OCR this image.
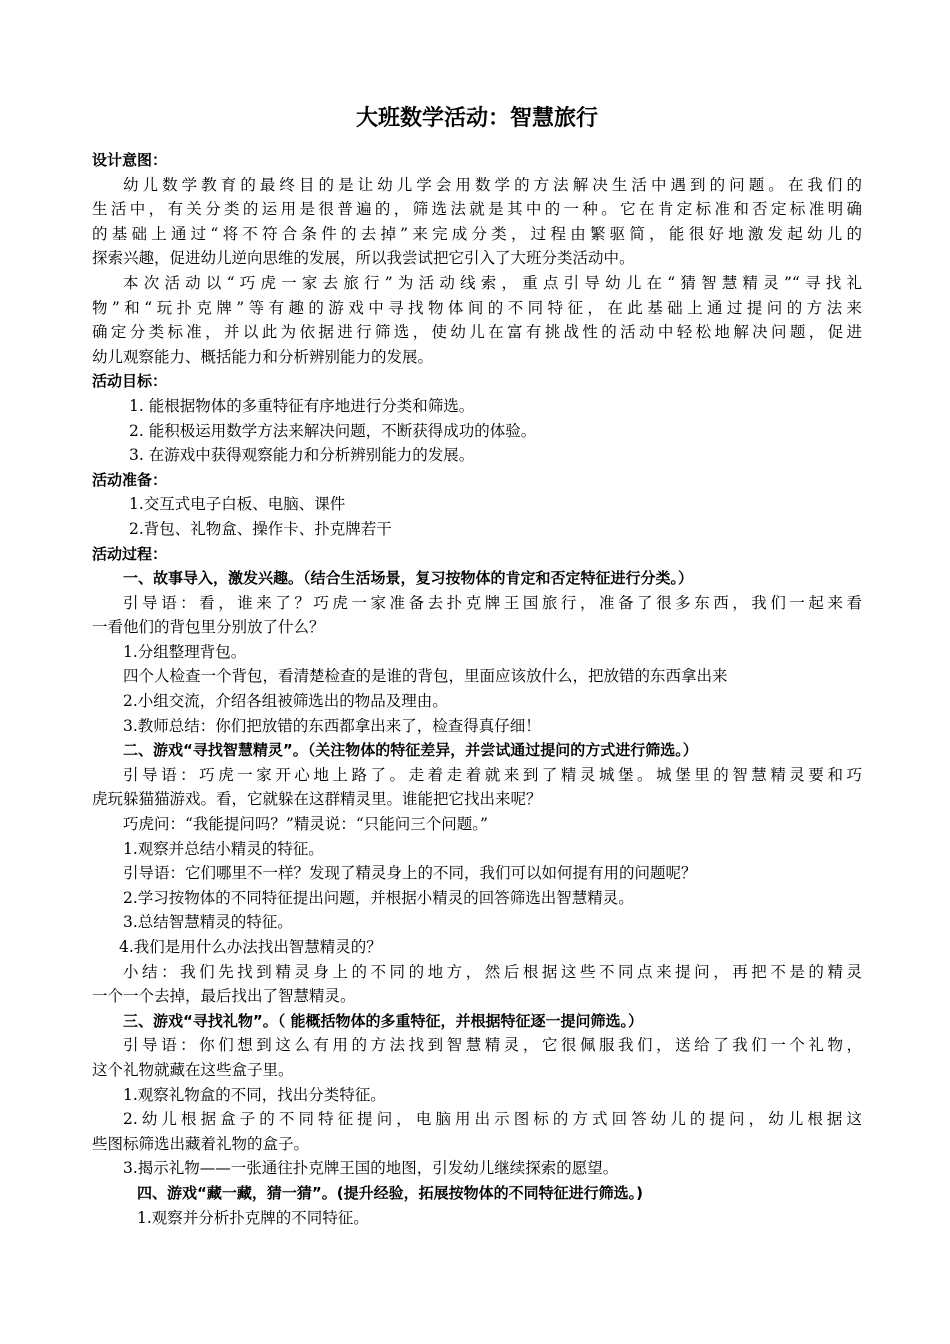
大班数学活动：智慧旅行

设计意图：

幼儿数学教育的最终目的是让幼儿学会用数学的方法解决生活中遇到的问题。在我们的

生活中，有关分类的运用是很普遍的，筛选法就是其中的一种。它在肯定标准和否定标准明确

的基础上通过“将不符合条件的去掉”来完成分类，过程由繁驱简，能很好地激发起幼儿的

探索兴趣，促进幼儿逆向思维的发展，所以我尝试把它引入了大班分类活动中。

本次活动以“巧虎一家去旅行”为活动线索，重点引导幼儿在“猜智慧精灵”“寻找礼

物”和“玩扑克牌”等有趣的游戏中寻找物体间的不同特征，在此基础上通过提问的方法来

确定分类标准，并以此为依据进行筛选，使幼儿在富有挑战性的活动中轻松地解决问题，促进

幼儿观察能力、概括能力和分析辨别能力的发展。

活动目标：

1. 能根据物体的多重特征有序地进行分类和筛选。

2. 能积极运用数学方法来解决问题，不断获得成功的体验。

3. 在游戏中获得观察能力和分析辨别能力的发展。

活动准备：

1.交互式电子白板、电脑、课件

2.背包、礼物盒、操作卡、扑克牌若干

活动过程：

一、故事导入，激发兴趣。（结合生活场景，复习按物体的肯定和否定特征进行分类。）

引导语：看，谁来了？巧虎一家准备去扑克牌王国旅行，准备了很多东西，我们一起来看

一看他们的背包里分别放了什么？

1.分组整理背包。

四个人检查一个背包，看清楚检查的是谁的背包，里面应该放什么，把放错的东西拿出来

2.小组交流，介绍各组被筛选出的物品及理由。

3.教师总结：你们把放错的东西都拿出来了，检查得真仔细！

二、游戏“寻找智慧精灵”。（关注物体的特征差异，并尝试通过提问的方式进行筛选。）

引导语：巧虎一家开心地上路了。走着走着就来到了精灵城堡。城堡里的智慧精灵要和巧

虎玩躲猫猫游戏。看，它就躲在这群精灵里。谁能把它找出来呢？

巧虎问：“我能提问吗？”精灵说：“只能问三个问题。”

1.观察并总结小精灵的特征。

引导语：它们哪里不一样？发现了精灵身上的不同，我们可以如何提有用的问题呢？

2.学习按物体的不同特征提出问题，并根据小精灵的回答筛选出智慧精灵。

3.总结智慧精灵的特征。

4.我们是用什么办法找出智慧精灵的？

小结：我们先找到精灵身上的不同的地方，然后根据这些不同点来提问，再把不是的精灵

一个一个去掉，最后找出了智慧精灵。

三、游戏“寻找礼物”。（ 能概括物体的多重特征，并根据特征逐一提问筛选。）

引导语：你们想到这么有用的方法找到智慧精灵，它很佩服我们，送给了我们一个礼物，

这个礼物就藏在这些盒子里。

1.观察礼物盒的不同，找出分类特征。

2.幼儿根据盒子的不同特征提问，电脑用出示图标的方式回答幼儿的提问，幼儿根据这

些图标筛选出藏着礼物的盒子。

3.揭示礼物——一张通往扑克牌王国的地图，引发幼儿继续探索的愿望。

四、游戏“藏一藏，猜一猜”。(提升经验，拓展按物体的不同特征进行筛选。)

1.观察并分析扑克牌的不同特征。
